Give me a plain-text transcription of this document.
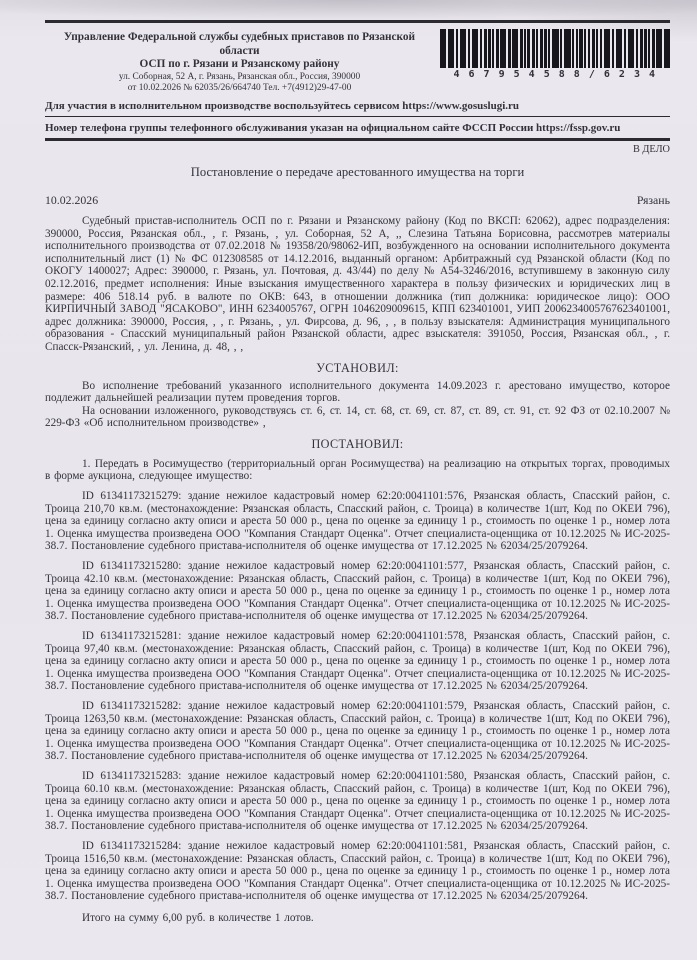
Управление Федеральной службы судебных приставов по Рязанской области
ОСП по г. Рязани и Рязанскому району
ул. Соборная, 52 А, г. Рязань, Рязанская обл., Россия, 390000
от 10.02.2026 № 62035/26/664740 Тел. +7(4912)29-47-00
4 6 7 9 5 4 5 8 8 / 6 2 3 4
Для участия в исполнительном производстве воспользуйтесь сервисом https://www.gosuslugi.ru
Номер телефона группы телефонного обслуживания указан на официальном сайте ФССП России https://fssp.gov.ru
В ДЕЛО
Постановление о передаче арестованного имущества на торги
10.02.2026	Рязань

Судебный пристав-исполнитель ОСП по г. Рязани и Рязанскому району (Код по ВКСП: 62062), адрес подразделения: 390000, Россия, Рязанская обл., , г. Рязань, , ул. Соборная, 52 А, ,, Слезина Татьяна Борисовна, рассмотрев материалы исполнительного производства от 07.02.2018 № 19358/20/98062-ИП, возбужденного на основании исполнительного документа исполнительный лист (1) № ФС 012308585 от 14.12.2016, выданный органом: Арбитражный суд Рязанской области (Код по ОКОГУ 1400027; Адрес: 390000, г. Рязань, ул. Почтовая, д. 43/44) по делу № А54-3246/2016, вступившему в законную силу 02.12.2016, предмет исполнения: Иные взыскания имущественного характера в пользу физических и юридических лиц в размере: 406 518.14 руб. в валюте по ОКВ: 643, в отношении должника (тип должника: юридическое лицо): ООО КИРПИЧНЫЙ ЗАВОД "ЯСАКОВО", ИНН 6234005767, ОГРН 1046209009615, КПП 623401001, УИП 2006234005767623401001, адрес должника: 390000, Россия, , , г. Рязань, , ул. Фирсова, д. 96, , , в пользу взыскателя: Администрация муниципального образования - Спасский муниципальный район Рязанской области, адрес взыскателя: 391050, Россия, Рязанская обл., , г. Спасск-Рязанский, , ул. Ленина, д. 48, , ,

УСТАНОВИЛ:

Во исполнение требований указанного исполнительного документа 14.09.2023 г. арестовано имущество, которое подлежит дальнейшей реализации путем проведения торгов.

На основании изложенного, руководствуясь ст. 6, ст. 14, ст. 68, ст. 69, ст. 87, ст. 89, ст. 91, ст. 92 ФЗ от 02.10.2007 № 229-ФЗ «Об исполнительном производстве» ,

ПОСТАНОВИЛ:

1. Передать в Росимущество (территориальный орган Росимущества) на реализацию на открытых торгах, проводимых в форме аукциона, следующее имущество:

ID 61341173215279: здание нежилое кадастровый номер 62:20:0041101:576, Рязанская область, Спасский район, с. Троица 210,70 кв.м. (местонахождение: Рязанская область, Спасский район, с. Троица) в количестве 1(шт, Код по ОКЕИ 796), цена за единицу согласно акту описи и ареста 50 000 р., цена по оценке за единицу 1 р., стоимость по оценке 1 р., номер лота 1. Оценка имущества произведена ООО "Компания Стандарт Оценка". Отчет специалиста-оценщика от 10.12.2025 № ИС-2025-38.7. Постановление судебного пристава-исполнителя об оценке имущества от 17.12.2025 № 62034/25/2079264.

ID 61341173215280: здание нежилое кадастровый номер 62:20:0041101:577, Рязанская область, Спасский район, с. Троица 42.10 кв.м. (местонахождение: Рязанская область, Спасский район, с. Троица) в количестве 1(шт, Код по ОКЕИ 796), цена за единицу согласно акту описи и ареста 50 000 р., цена по оценке за единицу 1 р., стоимость по оценке 1 р., номер лота 1. Оценка имущества произведена ООО "Компания Стандарт Оценка". Отчет специалиста-оценщика от 10.12.2025 № ИС-2025-38.7. Постановление судебного пристава-исполнителя об оценке имущества от 17.12.2025 № 62034/25/2079264.

ID 61341173215281: здание нежилое кадастровый номер 62:20:0041101:578, Рязанская область, Спасский район, с. Троица 97,40 кв.м. (местонахождение: Рязанская область, Спасский район, с. Троица) в количестве 1(шт, Код по ОКЕИ 796), цена за единицу согласно акту описи и ареста 50 000 р., цена по оценке за единицу 1 р., стоимость по оценке 1 р., номер лота 1. Оценка имущества произведена ООО "Компания Стандарт Оценка". Отчет специалиста-оценщика от 10.12.2025 № ИС-2025-38.7. Постановление судебного пристава-исполнителя об оценке имущества от 17.12.2025 № 62034/25/2079264.

ID 61341173215282: здание нежилое кадастровый номер 62:20:0041101:579, Рязанская область, Спасский район, с. Троица 1263,50 кв.м. (местонахождение: Рязанская область, Спасский район, с. Троица) в количестве 1(шт, Код по ОКЕИ 796), цена за единицу согласно акту описи и ареста 50 000 р., цена по оценке за единицу 1 р., стоимость по оценке 1 р., номер лота 1. Оценка имущества произведена ООО "Компания Стандарт Оценка". Отчет специалиста-оценщика от 10.12.2025 № ИС-2025-38.7. Постановление судебного пристава-исполнителя об оценке имущества от 17.12.2025 № 62034/25/2079264.

ID 61341173215283: здание нежилое кадастровый номер 62:20:0041101:580, Рязанская область, Спасский район, с. Троица 60.10 кв.м. (местонахождение: Рязанская область, Спасский район, с. Троица) в количестве 1(шт, Код по ОКЕИ 796), цена за единицу согласно акту описи и ареста 50 000 р., цена по оценке за единицу 1 р., стоимость по оценке 1 р., номер лота 1. Оценка имущества произведена ООО "Компания Стандарт Оценка". Отчет специалиста-оценщика от 10.12.2025 № ИС-2025-38.7. Постановление судебного пристава-исполнителя об оценке имущества от 17.12.2025 № 62034/25/2079264.

ID 61341173215284: здание нежилое кадастровый номер 62:20:0041101:581, Рязанская область, Спасский район, с. Троица 1516,50 кв.м. (местонахождение: Рязанская область, Спасский район, с. Троица) в количестве 1(шт, Код по ОКЕИ 796), цена за единицу согласно акту описи и ареста 50 000 р., цена по оценке за единицу 1 р., стоимость по оценке 1 р., номер лота 1. Оценка имущества произведена ООО "Компания Стандарт Оценка". Отчет специалиста-оценщика от 10.12.2025 № ИС-2025-38.7. Постановление судебного пристава-исполнителя об оценке имущества от 17.12.2025 № 62034/25/2079264.

Итого на сумму 6,00 руб. в количестве 1 лотов.
